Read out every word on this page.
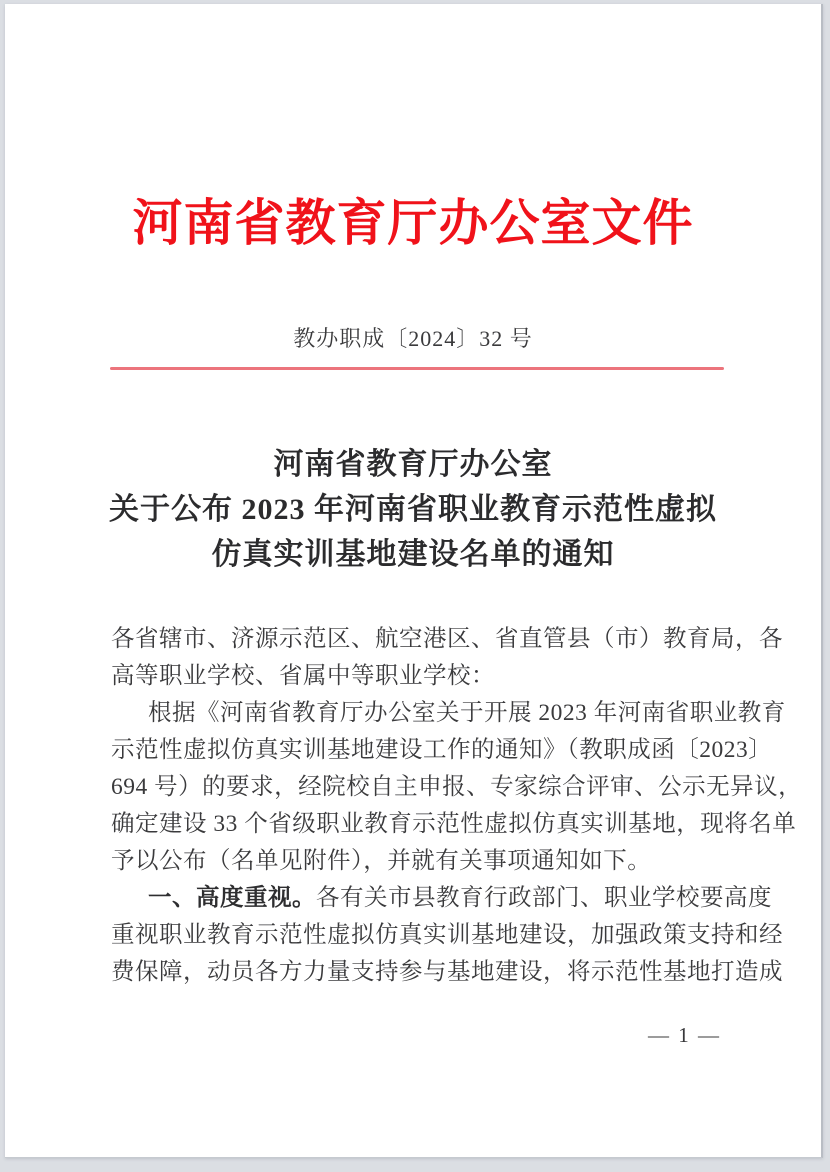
河南省教育厅办公室文件
教办职成〔2024〕32 号
河南省教育厅办公室
关于公布 2023 年河南省职业教育示范性虚拟
仿真实训基地建设名单的通知
各省辖市、济源示范区、航空港区、省直管县（市）教育局，各
高等职业学校、省属中等职业学校：
根据《河南省教育厅办公室关于开展 2023 年河南省职业教育
示范性虚拟仿真实训基地建设工作的通知》（教职成函〔2023〕
694 号）的要求，经院校自主申报、专家综合评审、公示无异议，
确定建设 33 个省级职业教育示范性虚拟仿真实训基地，现将名单
予以公布（名单见附件），并就有关事项通知如下。
一、高度重视。各有关市县教育行政部门、职业学校要高度
重视职业教育示范性虚拟仿真实训基地建设，加强政策支持和经
费保障，动员各方力量支持参与基地建设，将示范性基地打造成
— 1 —
